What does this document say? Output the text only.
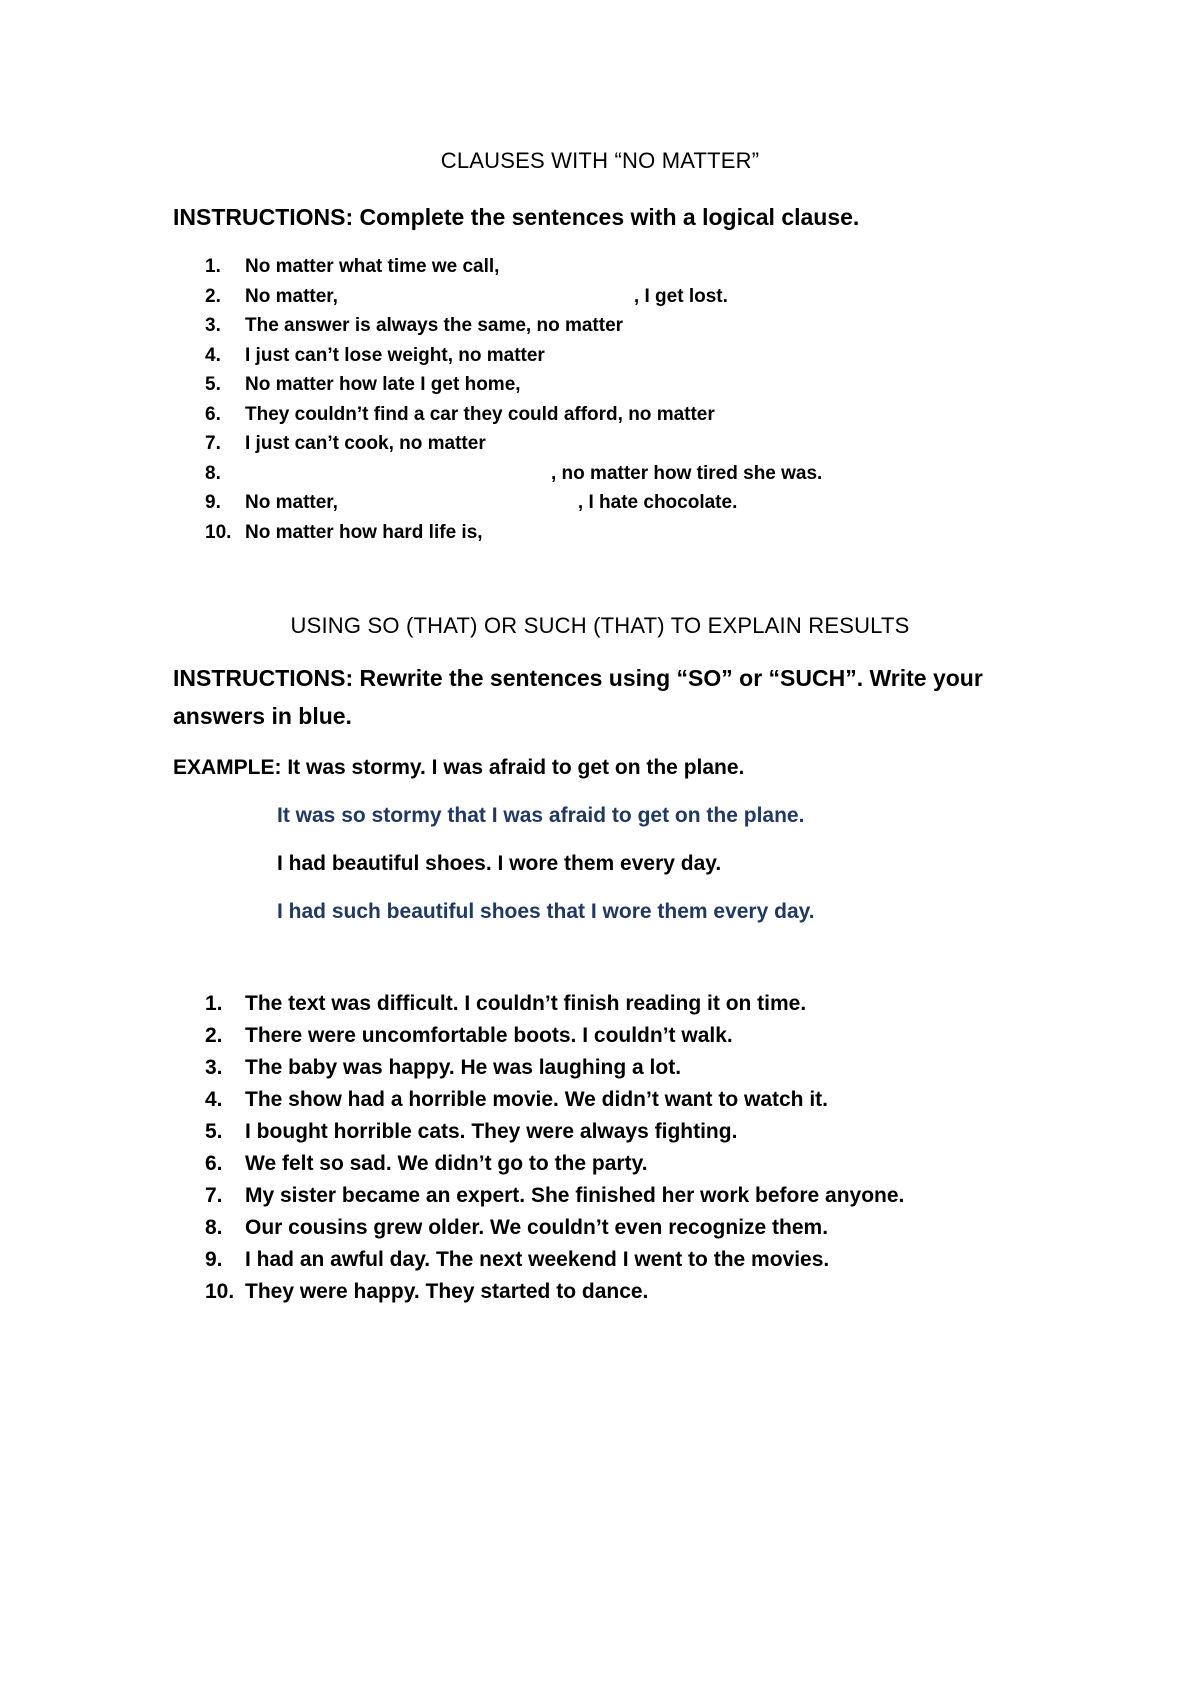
CLAUSES WITH “NO MATTER”
INSTRUCTIONS: Complete the sentences with a logical clause.
1. No matter what time we call,
2. No matter,	, I get lost.
3. The answer is always the same, no matter
4. I just can’t lose weight, no matter
5. No matter how late I get home,
6. They couldn’t find a car they could afford, no matter
7. I just can’t cook, no matter
8.	, no matter how tired she was.
9. No matter,	, I hate chocolate.
10. No matter how hard life is,
USING SO (THAT) OR SUCH (THAT) TO EXPLAIN RESULTS
INSTRUCTIONS: Rewrite the sentences using “SO” or “SUCH”. Write your answers in blue.
EXAMPLE: It was stormy. I was afraid to get on the plane.
It was so stormy that I was afraid to get on the plane.
I had beautiful shoes. I wore them every day.
I had such beautiful shoes that I wore them every day.
1. The text was difficult. I couldn’t finish reading it on time.
2. There were uncomfortable boots. I couldn’t walk.
3. The baby was happy. He was laughing a lot.
4. The show had a horrible movie. We didn’t want to watch it.
5. I bought horrible cats. They were always fighting.
6. We felt so sad. We didn’t go to the party.
7. My sister became an expert. She finished her work before anyone.
8. Our cousins grew older. We couldn’t even recognize them.
9. I had an awful day. The next weekend I went to the movies.
10. They were happy. They started to dance.
